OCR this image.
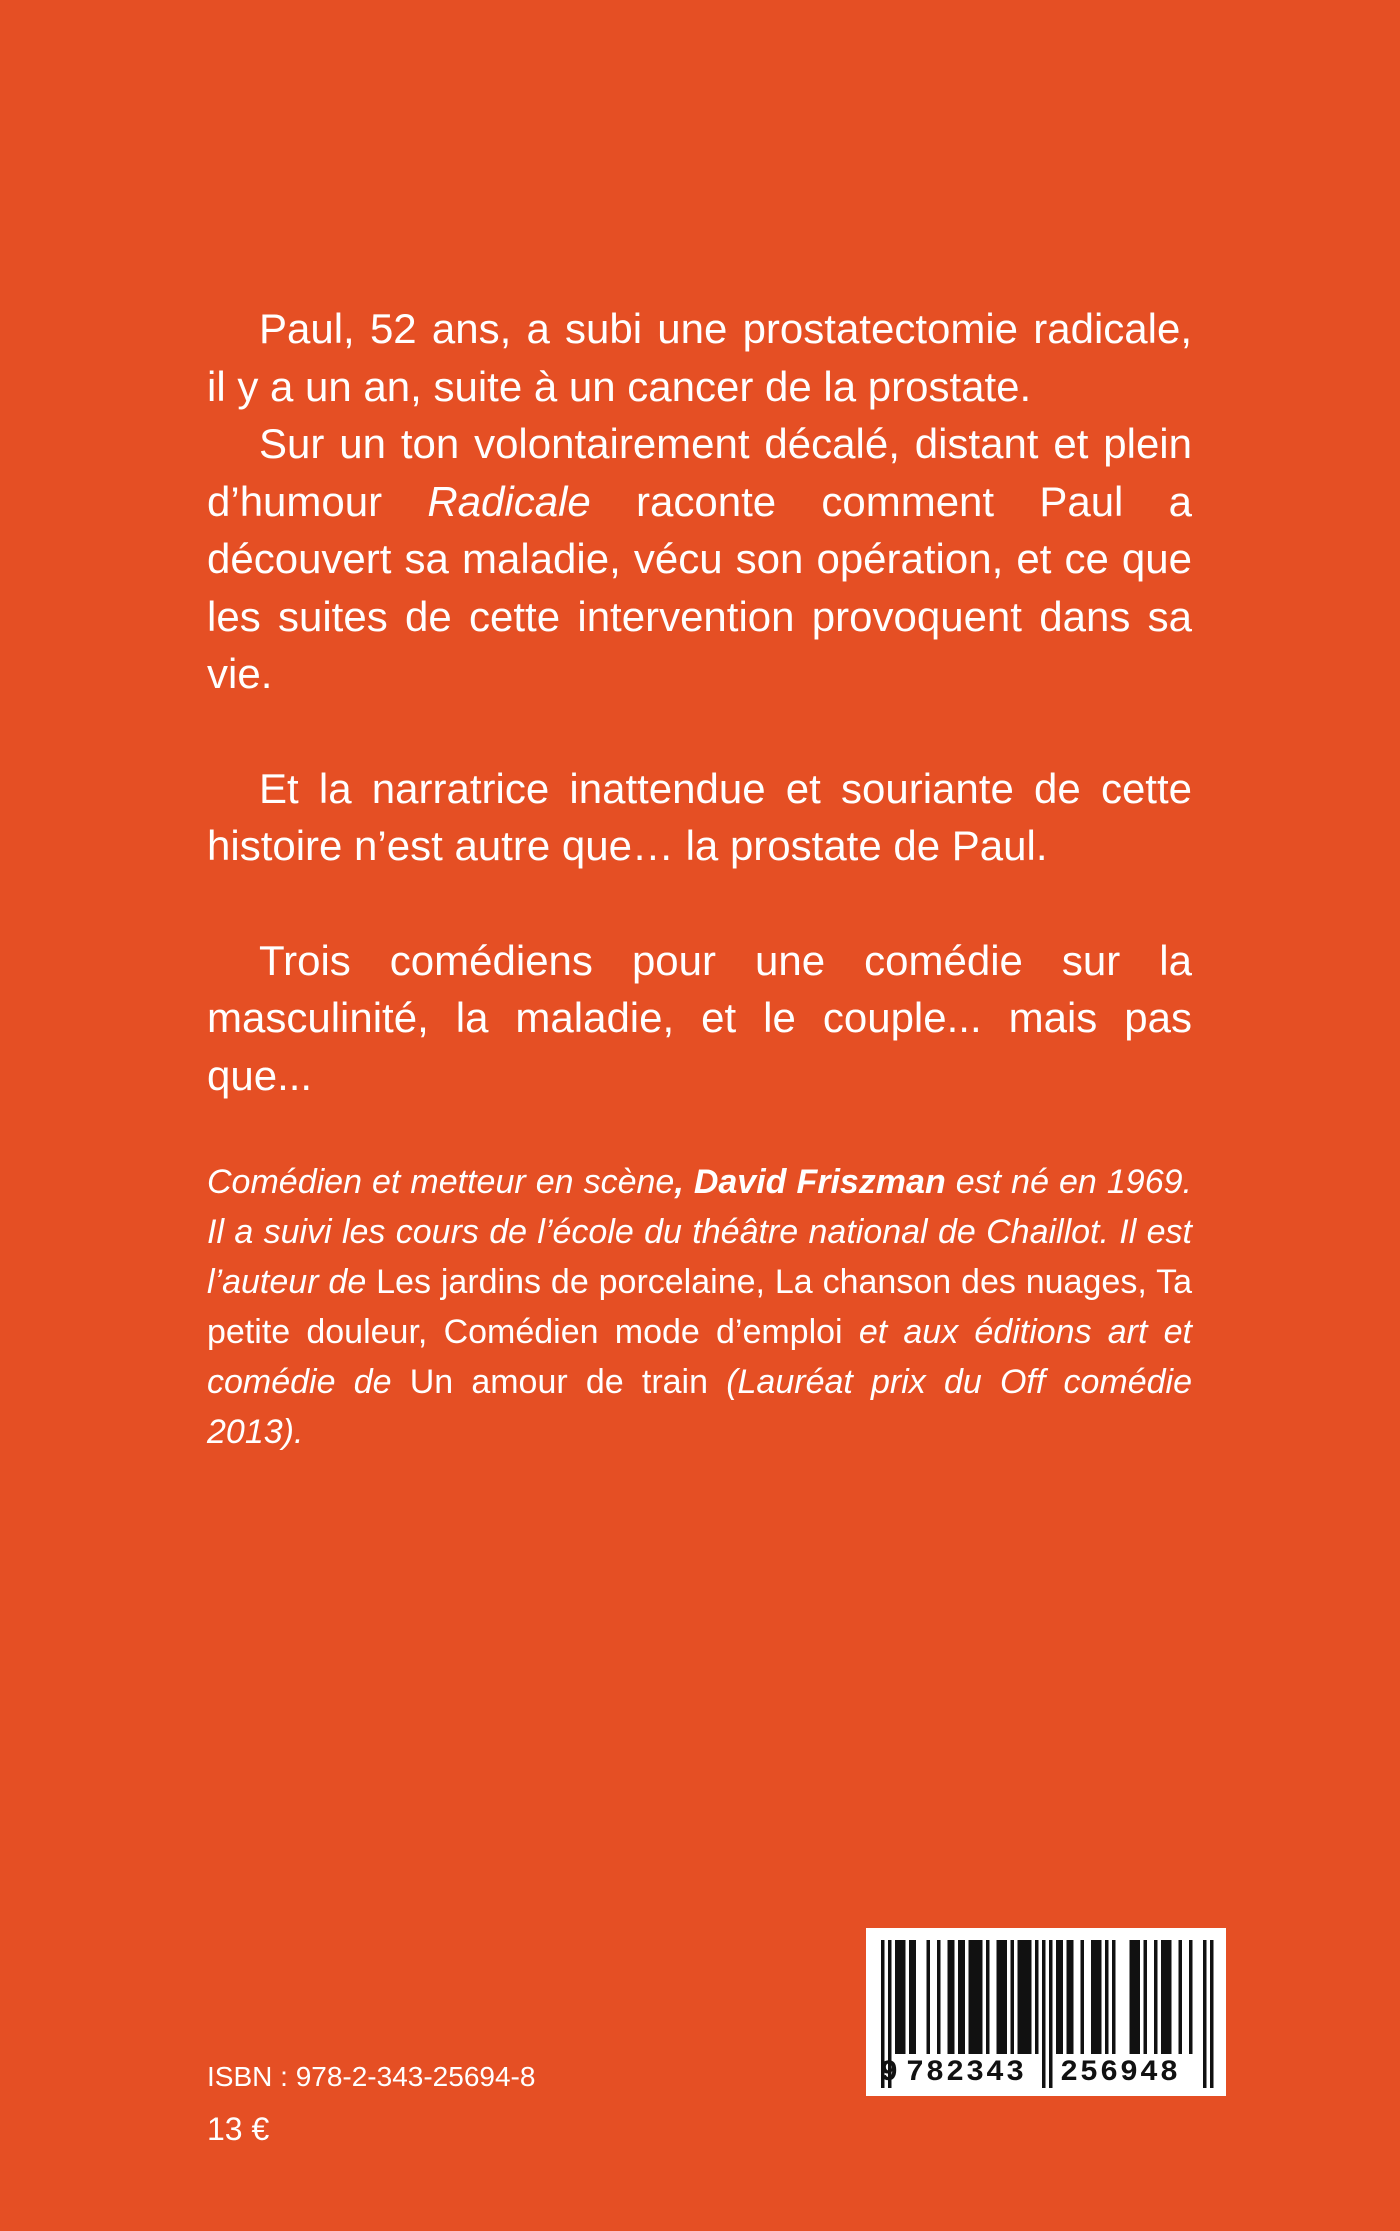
Paul, 52 ans, a subi une prostatectomie radicale, il y a un an, suite à un cancer de la prostate.

Sur un ton volontairement décalé, distant et plein d’humour Radicale raconte comment Paul a découvert sa maladie, vécu son opération, et ce que les suites de cette intervention provoquent dans sa vie.

Et la narratrice inattendue et souriante de cette histoire n’est autre que… la prostate de Paul.

Trois comédiens pour une comédie sur la masculinité, la maladie, et le couple... mais pas que...

Comédien et metteur en scène, David Friszman est né en 1969. Il a suivi les cours de l’école du théâtre national de Chaillot. Il est l’auteur de Les jardins de porcelaine, La chanson des nuages, Ta petite douleur, Comédien mode d’emploi et aux éditions art et comédie de Un amour de train (Lauréat prix du Off comédie 2013).

ISBN : 978-2-343-25694-8
13 €
9 782343 256948
